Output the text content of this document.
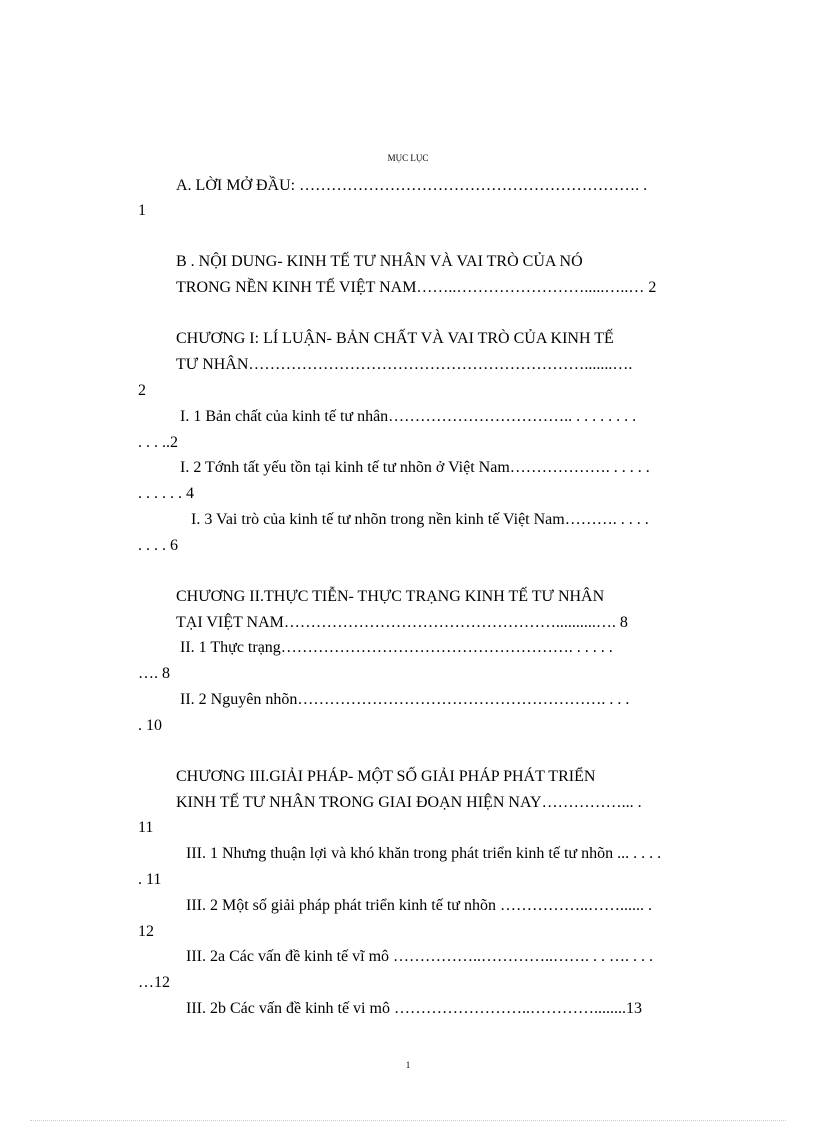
MỤC LỤC
A. LỜI MỞ ĐẦU: ………………………………………………………. .
1
B . NỘI DUNG- KINH TẾ TƯ NHÂN VÀ VAI TRÒ CỦA NÓ
TRONG NỀN KINH TẾ VIỆT NAM……..…………………….....…..… 2
CHƯƠNG I: LÍ LUẬN- BẢN CHẤT VÀ VAI TRÒ CỦA KINH TẾ
TƯ NHÂN……………………………………………………….......….
2
I. 1 Bản chất của kinh tế tư nhân…………………………….. . . . . . . . .
. . . ..2
I. 2 Tớnh tất yếu tồn tại kinh tế tư nhõn ở Việt Nam………………. . . . . .
. . . . . . 4
I. 3 Vai trò của kinh tế tư nhõn trong nền kinh tế Việt Nam………. . . . .
. . . . 6
CHƯƠNG II.THỰC TIỄN- THỰC TRẠNG KINH TẾ TƯ NHÂN
TẠI VIỆT NAM……………………………………………..........…. 8
II. 1 Thực trạng………………………………………………. . . . . .
…. 8
II. 2 Nguyên nhõn…………………………………………………. . . .
. 10
CHƯƠNG III.GIẢI PHÁP- MỘT SỐ GIẢI PHÁP PHÁT TRIỂN
KINH TẾ TƯ NHÂN TRONG GIAI ĐOẠN HIỆN NAY……………... .
11
III. 1 Nhưng thuận lợi và khó khăn trong phát triển kinh tế tư nhõn ... . . . .
. 11
III. 2 Một số giải pháp phát triển kinh tế tư nhõn ……………..……...... .
12
III. 2a Các vấn đề kinh tế vĩ mô ……………..…………..……. . . …. . . .
…12
III. 2b Các vấn đề kinh tế vi mô ……………………..…………........13
1
